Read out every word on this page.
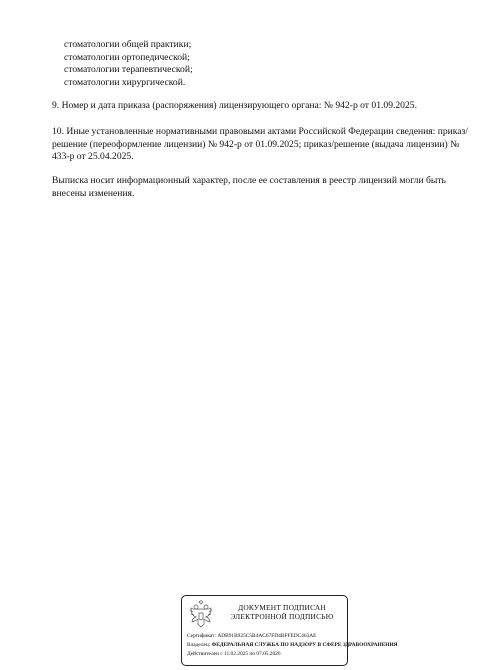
стоматологии общей практики;
стоматологии ортопедической;
стоматологии терапевтической;
стоматологии хирургической.

9. Номер и дата приказа (распоряжения) лицензирующего органа: № 942-р от 01.09.2025.

10. Иные установленные нормативными правовыми актами Российской Федерации сведения: приказ/решение (переоформление лицензии) № 942-р от 01.09.2025; приказ/решение (выдача лицензии) № 433-р от 25.04.2025.

Выписка носит информационный характер, после ее составления в реестр лицензий могли быть внесены изменения.

ДОКУМЕНТ ПОДПИСАН
ЭЛЕКТРОННОЙ ПОДПИСЬЮ
Сертификат: ADB91B925C5B4AC67FD4BFFEDC463AE
Владелец: ФЕДЕРАЛЬНАЯ СЛУЖБА ПО НАДЗОРУ В СФЕРЕ ЗДРАВООХРАНЕНИЯ
Действителен с 11.02.2025 по 07.05.2026
